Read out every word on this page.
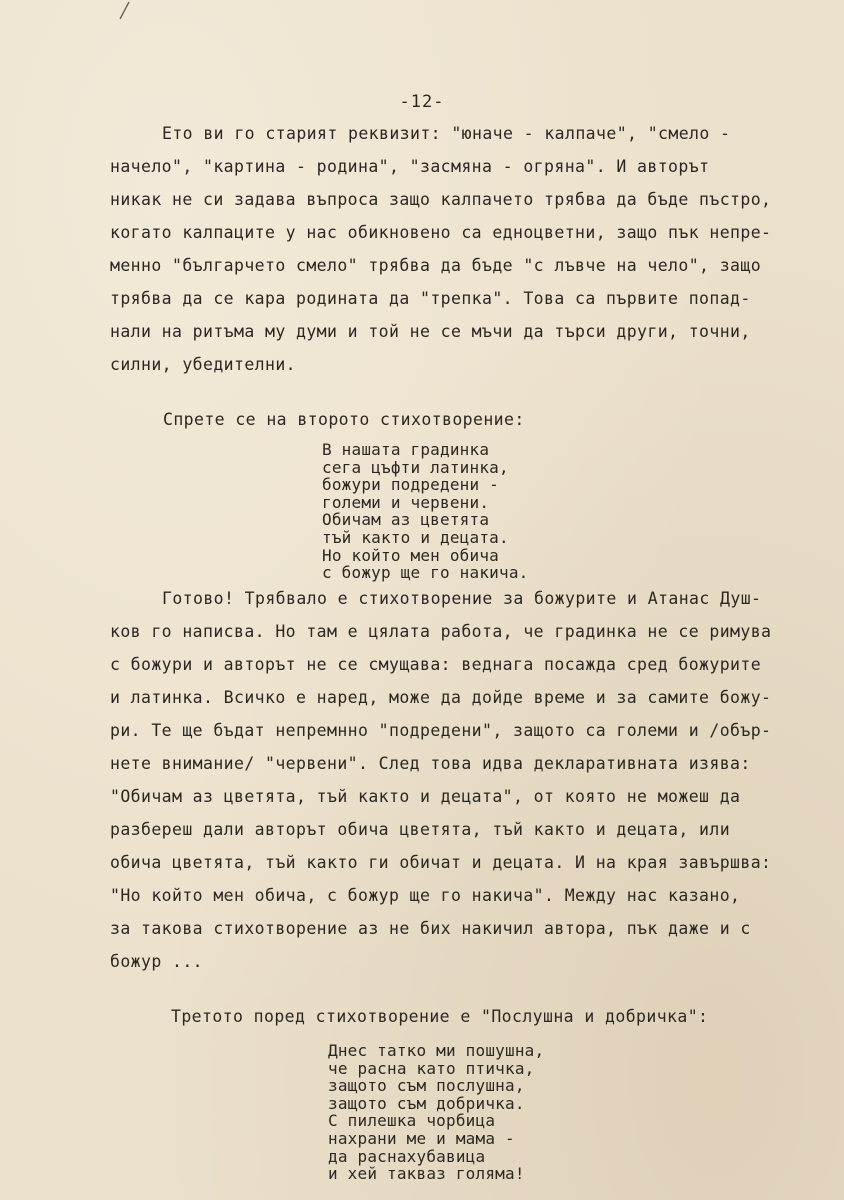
-12-
Ето ви го старият реквизит: "юначе - калпаче", "смело -
начело", "картина - родина", "засмяна - огряна". И авторът
никак не си задава въпроса защо калпачето трябва да бъде пъстро,
когато калпаците у нас обикновено са едноцветни, защо пък непре-
менно "българчето смело" трябва да бъде "с лъвче на чело", защо
трябва да се кара родината да "трепка". Това са първите попад-
нали на ритъма му думи и той не се мъчи да търси други, точни,
силни, убедителни.
Спрете се на второто стихотворение:
В нашата градинка
сега цъфти латинка,
божури подредени -
големи и червени.
Обичам аз цветята
тъй както и децата.
Но който мен обича
с божур ще го накича.
Готово! Трябвало е стихотворение за божурите и Атанас Душ-
ков го написва. Но там е цялата работа, че градинка не се римува
с божури и авторът не се смущава: веднага посажда сред божурите
и латинка. Всичко е наред, може да дойде време и за самите божу-
ри. Те ще бъдат непремнно "подредени", защото са големи и /обър-
нете внимание/ "червени". След това идва декларативната изява:
"Обичам аз цветята, тъй както и децата", от която не можеш да
разбереш дали авторът обича цветята, тъй както и децата, или
обича цветята, тъй както ги обичат и децата. И на края завършва:
"Но който мен обича, с божур ще го накича". Между нас казано,
за такова стихотворение аз не бих накичил автора, пък даже и с
божур ...
Третото поред стихотворение е "Послушна и добричка":
Днес татко ми пошушна,
че расна като птичка,
защото съм послушна,
защото съм добричка.
С пилешка чорбица
нахрани ме и мама -
да раснахубавица
и хей такваз голяма!
